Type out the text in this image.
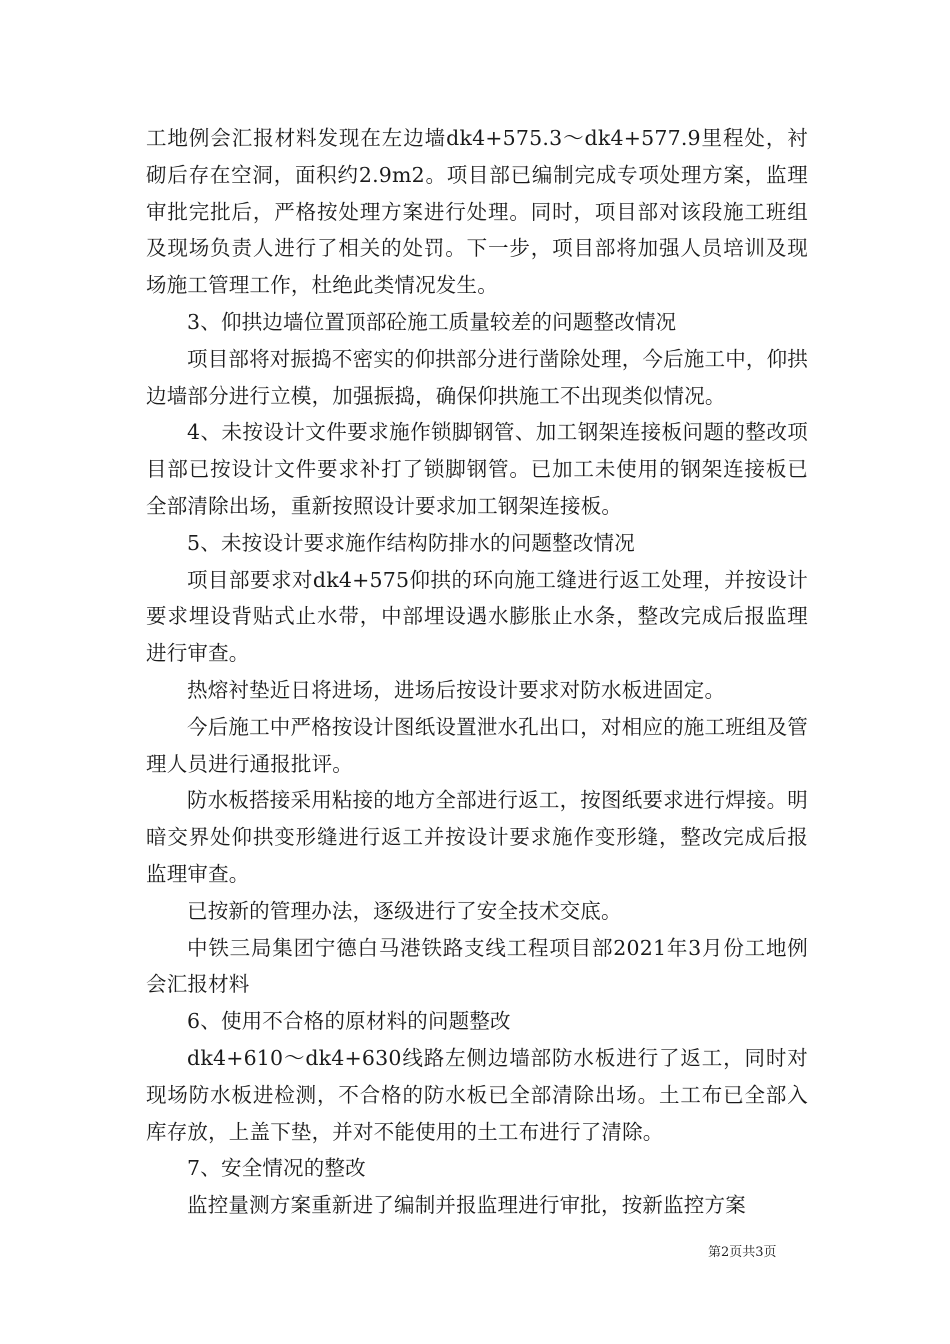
工地例会汇报材料发现在左边墙dk4+575.3～dk4+577.9里程处，衬砌后存在空洞，面积约2.9m2。项目部已编制完成专项处理方案，监理审批完批后，严格按处理方案进行处理。同时，项目部对该段施工班组及现场负责人进行了相关的处罚。下一步，项目部将加强人员培训及现场施工管理工作，杜绝此类情况发生。

3、仰拱边墙位置顶部砼施工质量较差的问题整改情况

项目部将对振捣不密实的仰拱部分进行凿除处理，今后施工中，仰拱边墙部分进行立模，加强振捣，确保仰拱施工不出现类似情况。

4、未按设计文件要求施作锁脚钢管、加工钢架连接板问题的整改项目部已按设计文件要求补打了锁脚钢管。已加工未使用的钢架连接板已全部清除出场，重新按照设计要求加工钢架连接板。

5、未按设计要求施作结构防排水的问题整改情况

项目部要求对dk4+575仰拱的环向施工缝进行返工处理，并按设计要求埋设背贴式止水带，中部埋设遇水膨胀止水条，整改完成后报监理进行审查。

热熔衬垫近日将进场，进场后按设计要求对防水板进固定。

今后施工中严格按设计图纸设置泄水孔出口，对相应的施工班组及管理人员进行通报批评。

防水板搭接采用粘接的地方全部进行返工，按图纸要求进行焊接。明暗交界处仰拱变形缝进行返工并按设计要求施作变形缝，整改完成后报监理审查。

已按新的管理办法，逐级进行了安全技术交底。

中铁三局集团宁德白马港铁路支线工程项目部2021年3月份工地例会汇报材料

6、使用不合格的原材料的问题整改

dk4+610～dk4+630线路左侧边墙部防水板进行了返工，同时对现场防水板进检测，不合格的防水板已全部清除出场。土工布已全部入库存放，上盖下垫，并对不能使用的土工布进行了清除。

7、安全情况的整改

监控量测方案重新进了编制并报监理进行审批，按新监控方案

第2页共3页
